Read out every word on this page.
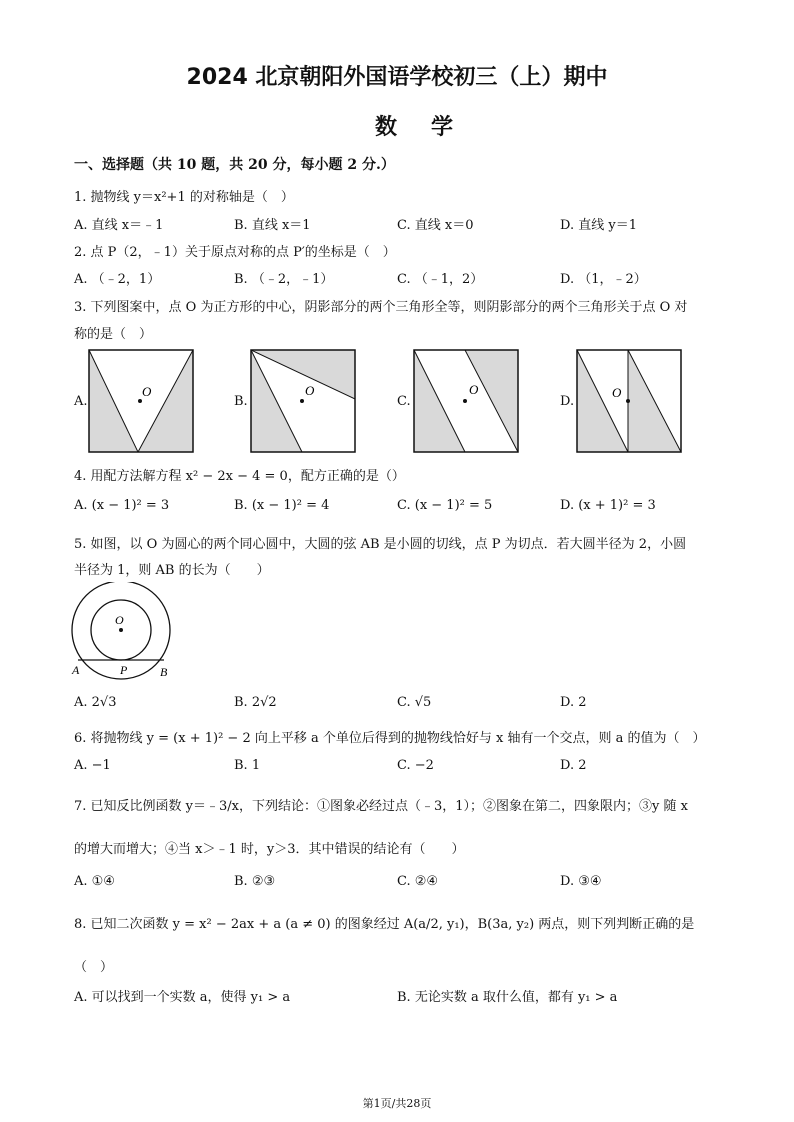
2024 北京朝阳外国语学校初三（上）期中
数学
一、选择题（共 10 题，共 20 分，每小题 2 分.）
1. 抛物线 y＝x²+1 的对称轴是（　）
A. 直线 x＝﹣1	B. 直线 x＝1	C. 直线 x＝0	D. 直线 y＝1
2. 点 P（2，﹣1）关于原点对称的点 P′的坐标是（　）
A. （﹣2，1）	B. （﹣2，﹣1）	C. （﹣1，2）	D. （1，﹣2）
3. 下列图案中，点 O 为正方形的中心，阴影部分的两个三角形全等，则阴影部分的两个三角形关于点 O 对
称的是（　）
A.
O
B.
O
C.
O
D.
O
4. 用配方法解方程 x² − 2x − 4 = 0，配方正确的是（）
A. (x − 1)² = 3	B. (x − 1)² = 4	C. (x − 1)² = 5	D. (x + 1)² = 3
5. 如图，以 O 为圆心的两个同心圆中，大圆的弦 AB 是小圆的切线，点 P 为切点．若大圆半径为 2，小圆
半径为 1，则 AB 的长为（　　）
O
A	P	B
A. 2√3	B. 2√2	C. √5	D. 2
6. 将抛物线 y = (x + 1)² − 2 向上平移 a 个单位后得到的抛物线恰好与 x 轴有一个交点，则 a 的值为（　）
A. −1	B. 1	C. −2	D. 2
7. 已知反比例函数 y＝﹣3/x，下列结论：①图象必经过点（﹣3，1）；②图象在第二，四象限内；③y 随 x
的增大而增大；④当 x＞﹣1 时，y＞3．其中错误的结论有（　　）
A. ①④	B. ②③	C. ②④	D. ③④
8. 已知二次函数 y = x² − 2ax + a (a ≠ 0) 的图象经过 A(a/2, y₁)，B(3a, y₂) 两点，则下列判断正确的是
（　）
A. 可以找到一个实数 a，使得 y₁ > a	B. 无论实数 a 取什么值，都有 y₁ > a
第1页/共28页
